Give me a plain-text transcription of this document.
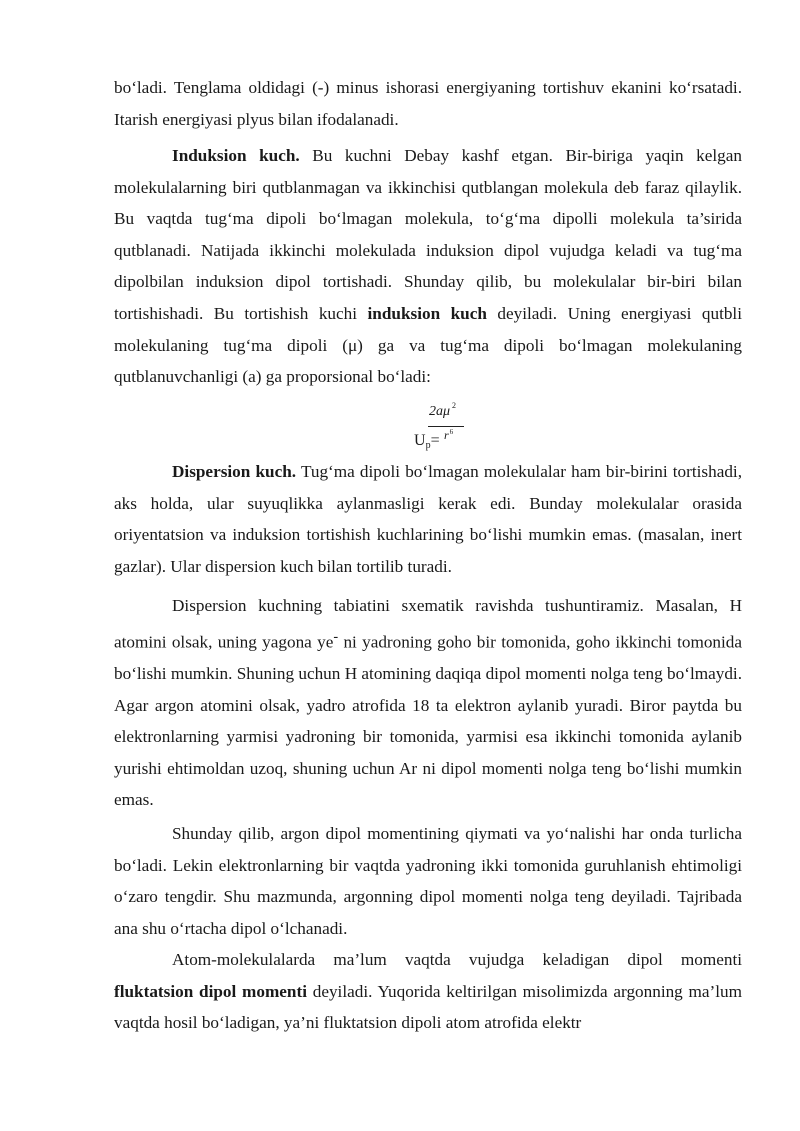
bo‘ladi. Tenglama oldidagi (-) minus ishorasi energiyaning tortishuv ekanini ko‘rsatadi. Itarish energiyasi plyus bilan ifodalanadi.

Induksion kuch. Bu kuchni Debay kashf etgan. Bir-biriga yaqin kelgan molekulalarning biri qutblanmagan va ikkinchisi qutblangan molekula deb faraz qilaylik. Bu vaqtda tug‘ma dipoli bo‘lmagan molekula, to‘g‘ma dipolli molekula ta’sirida qutblanadi. Natijada ikkinchi molekulada induksion dipol vujudga keladi va tug‘ma dipolbilan induksion dipol tortishadi. Shunday qilib, bu molekulalar bir-biri bilan tortishishadi. Bu tortishish kuchi induksion kuch deyiladi. Uning energiyasi qutbli molekulaning tug‘ma dipoli (μ) ga va tug‘ma dipoli bo‘lmagan molekulaning qutblanuvchanligi (a) ga proporsional bo‘ladi:

2aμ $^2$
$r^6$
$U_p=$

Dispersion kuch. Tug‘ma dipoli bo‘lmagan molekulalar ham bir-birini tortishadi, aks holda, ular suyuqlikka aylanmasligi kerak edi. Bunday molekulalar orasida oriyentatsion va induksion tortishish kuchlarining bo‘lishi mumkin emas. (masalan, inert gazlar). Ular dispersion kuch bilan tortilib turadi.

Dispersion kuchning tabiatini sxematik ravishda tushuntiramiz. Masalan, H atomini olsak, uning yagona ye- ni yadroning goho bir tomonida, goho ikkinchi tomonida bo‘lishi mumkin. Shuning uchun H atomining daqiqa dipol momenti nolga teng bo‘lmaydi. Agar argon atomini olsak, yadro atrofida 18 ta elektron aylanib yuradi. Biror paytda bu elektronlarning yarmisi yadroning bir tomonida, yarmisi esa ikkinchi tomonida aylanib yurishi ehtimoldan uzoq, shuning uchun Ar ni dipol momenti nolga teng bo‘lishi mumkin emas.

Shunday qilib, argon dipol momentining qiymati va yo‘nalishi har onda turlicha bo‘ladi. Lekin elektronlarning bir vaqtda yadroning ikki tomonida guruhlanish ehtimoligi o‘zaro tengdir. Shu mazmunda, argonning dipol momenti nolga teng deyiladi. Tajribada ana shu o‘rtacha dipol o‘lchanadi.

Atom-molekulalarda ma’lum vaqtda vujudga keladigan dipol momenti fluktatsion dipol momenti deyiladi. Yuqorida keltirilgan misolimizda argonning ma’lum vaqtda hosil bo‘ladigan, ya’ni fluktatsion dipoli atom atrofida elektr
